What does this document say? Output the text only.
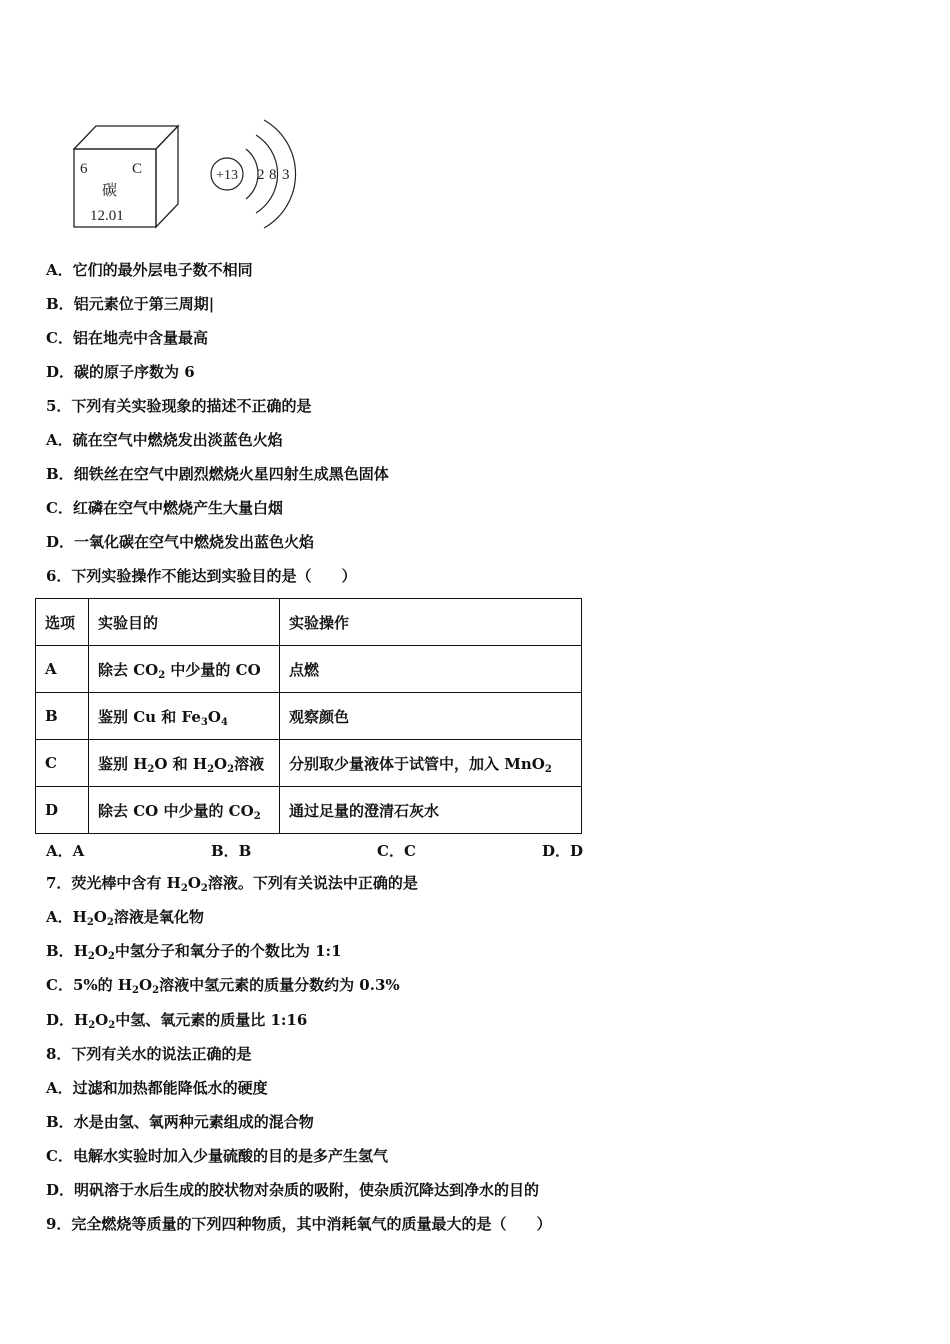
6	C
碳
12.01
+13 2 8 3
A．它们的最外层电子数不相同
B．铝元素位于第三周期|
C．铝在地壳中含量最高
D．碳的原子序数为 6
5．下列有关实验现象的描述不正确的是
A．硫在空气中燃烧发出淡蓝色火焰
B．细铁丝在空气中剧烈燃烧火星四射生成黑色固体
C．红磷在空气中燃烧产生大量白烟
D．一氧化碳在空气中燃烧发出蓝色火焰
6．下列实验操作不能达到实验目的是（　　）
选项	实验目的	实验操作
A	除去 $CO_2$ 中少量的 CO	点燃
B	鉴别 Cu 和 $Fe_3O_4$	观察颜色
C	鉴别 $H_2O$ 和 $H_2O_2$溶液	分别取少量液体于试管中，加入 MnO$_2$
D	除去 CO 中少量的 $CO_2$	通过足量的澄清石灰水
A．A	B．B	C．C	D．D
7．荧光棒中含有 $H_2O_2$溶液。下列有关说法中正确的是
A．$H_2O_2$溶液是氧化物
B．$H_2O_2$中氢分子和氧分子的个数比为 1:1
C．5%的 $H_2O_2$溶液中氢元素的质量分数约为 0.3%
D．$H_2O_2$中氢、氧元素的质量比 1:16
8．下列有关水的说法正确的是
A．过滤和加热都能降低水的硬度
B．水是由氢、氧两种元素组成的混合物
C．电解水实验时加入少量硫酸的目的是多产生氢气
D．明矾溶于水后生成的胶状物对杂质的吸附，使杂质沉降达到净水的目的
9．完全燃烧等质量的下列四种物质，其中消耗氧气的质量最大的是（　　）
